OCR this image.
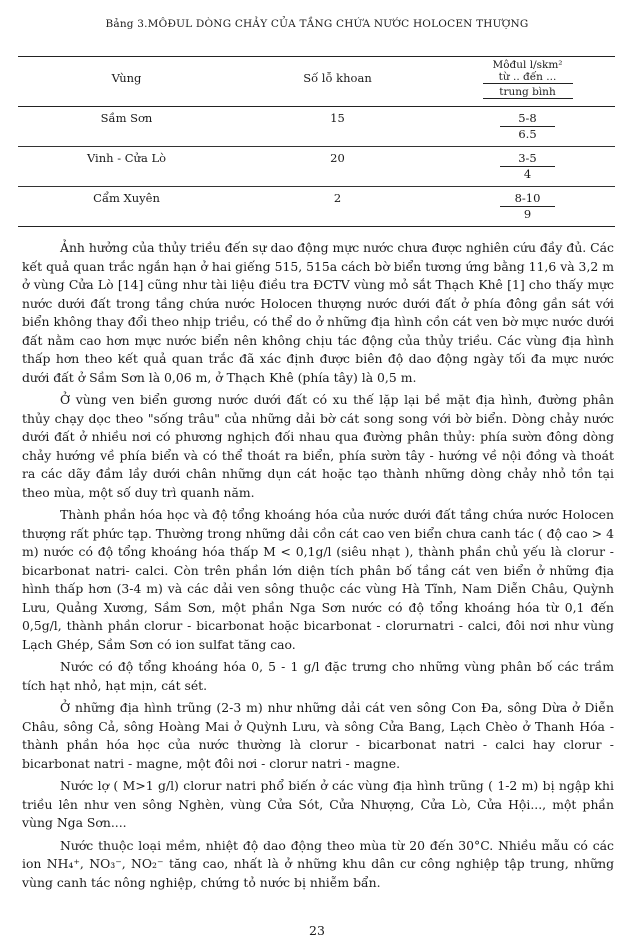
Bảng 3.MÔĐUL DÒNG CHẢY CỦA TẦNG CHỨA NƯỚC HOLOCEN THƯỢNG
Vùng	Số lỗ khoan	Môđul l/skm²
từ .. đến ...
trung bình

Sầm Sơn	15	5-8
6.5

Vinh - Cửa Lò	20	3-5
4

Cẩm Xuyên	2	8-10
9

Ảnh hưởng của thủy triều đến sự dao động mực nước chưa được nghiên cứu đầy đủ. Các kết quả quan trắc ngắn hạn ở hai giếng 515, 515a cách bờ biển tương ứng bằng 11,6 và 3,2 m ở vùng Cửa Lò [14] cũng như tài liệu điều tra ĐCTV vùng mỏ sắt Thạch Khê [1] cho thấy mực nước dưới đất trong tầng chứa nước Holocen thượng nước dưới đất ở phía đông gần sát với biển không thay đổi theo nhịp triều, có thể do ở những địa hình cồn cát ven bờ mực nước dưới đất nằm cao hơn mực nước biển nên không chịu tác động của thủy triều. Các vùng địa hình thấp hơn theo kết quả quan trắc đã xác định được biên độ dao động ngày tối đa mực nước dưới đất ở Sầm Sơn là 0,06 m, ở Thạch Khê (phía tây) là 0,5 m.

Ở vùng ven biển gương nước dưới đất có xu thế lặp lại bề mặt địa hình, đường phân thủy chạy dọc theo "sống trâu" của những dải bờ cát song song với bờ biển. Dòng chảy nước dưới đất ở nhiều nơi có phương nghịch đối nhau qua đường phân thủy: phía sườn đông dòng chảy hướng về phía biển và có thể thoát ra biển, phía sườn tây - hướng về nội đồng và thoát ra các dãy đầm lầy dưới chân những dụn cát hoặc tạo thành những dòng chảy nhỏ tồn tại theo mùa, một số duy trì quanh năm.

Thành phần hóa học và độ tổng khoáng hóa của nước dưới đất tầng chứa nước Holocen thượng rất phức tạp. Thường trong những dải cồn cát cao ven biển chưa canh tác ( độ cao > 4 m) nước có độ tổng khoáng hóa thấp M < 0,1g/l (siêu nhạt ), thành phần chủ yếu là clorur - bicarbonat natri- calci. Còn trên phần lớn diện tích phân bố tầng cát ven biển ở những địa hình thấp hơn (3-4 m) và các dải ven sông thuộc các vùng Hà Tĩnh, Nam Diễn Châu, Quỳnh Lưu, Quảng Xương, Sầm Sơn, một phần Nga Sơn nước có độ tổng khoáng hóa từ 0,1 đến 0,5g/l, thành phần clorur - bicarbonat hoặc bicarbonat - clorurnatri - calci, đôi nơi như vùng Lạch Ghép, Sầm Sơn có ion sulfat tăng cao.

Nước có độ tổng khoáng hóa 0, 5 - 1 g/l đặc trưng cho những vùng phân bố các trầm tích hạt nhỏ, hạt mịn, cát sét.

Ở những địa hình trũng (2-3 m) như những dải cát ven sông Con Đa, sông Dừa ở Diễn Châu, sông Cả, sông Hoàng Mai ở Quỳnh Lưu, và sông Cửa Bang, Lạch Chèo ở Thanh Hóa - thành phần hóa học của nước thường là clorur - bicarbonat natri - calci hay clorur - bicarbonat natri - magne, một đôi nơi - clorur natri - magne.

Nước lợ ( M>1 g/l) clorur natri phổ biến ở các vùng địa hình trũng ( 1-2 m) bị ngập khi triều lên như ven sông Nghèn, vùng Cửa Sót, Cửa Nhượng, Cửa Lò, Cửa Hội..., một phần vùng Nga Sơn....

Nước thuộc loại mềm, nhiệt độ dao động theo mùa từ 20 đến 30°C. Nhiều mẫu có các ion NH₄⁺, NO₃⁻, NO₂⁻ tăng cao, nhất là ở những khu dân cư công nghiệp tập trung, những vùng canh tác nông nghiệp, chứng tỏ nước bị nhiễm bẩn.

23
